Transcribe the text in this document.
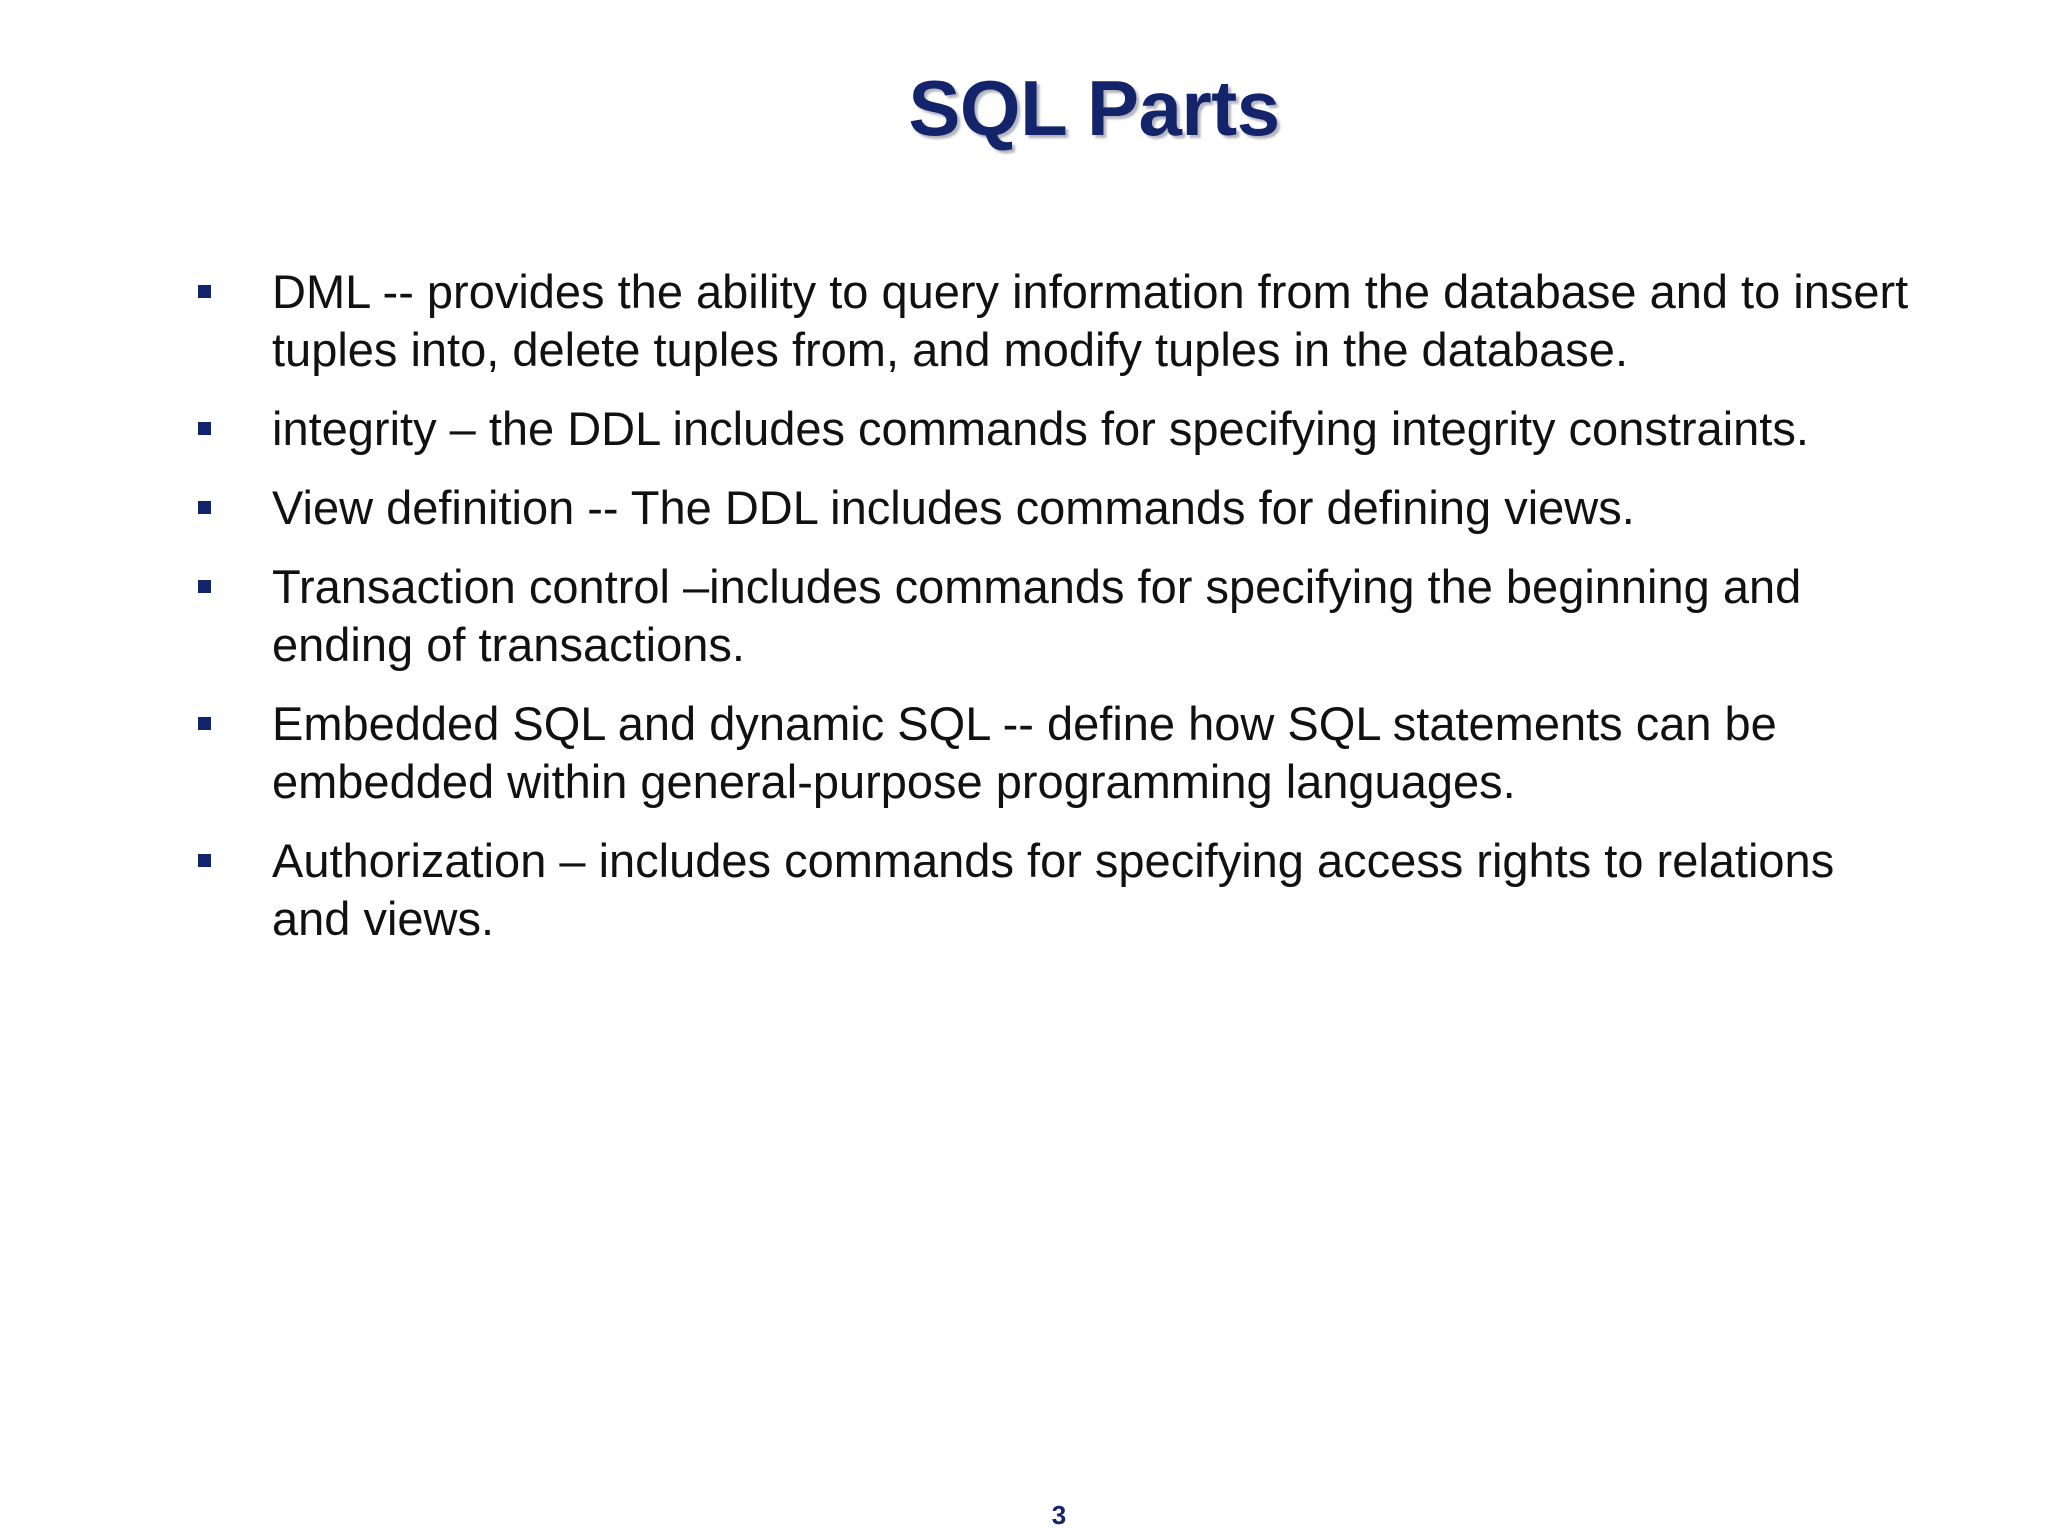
SQL Parts
DML -- provides the ability to query information from the database and to insert tuples into, delete tuples from, and modify tuples in the database.
integrity – the DDL includes commands for specifying integrity constraints.
View definition -- The DDL includes commands for defining views.
Transaction control –includes commands for specifying the beginning and ending of transactions.
Embedded SQL and dynamic SQL -- define how SQL statements can be embedded within general-purpose programming languages.
Authorization – includes commands for specifying access rights to relations and views.
3
